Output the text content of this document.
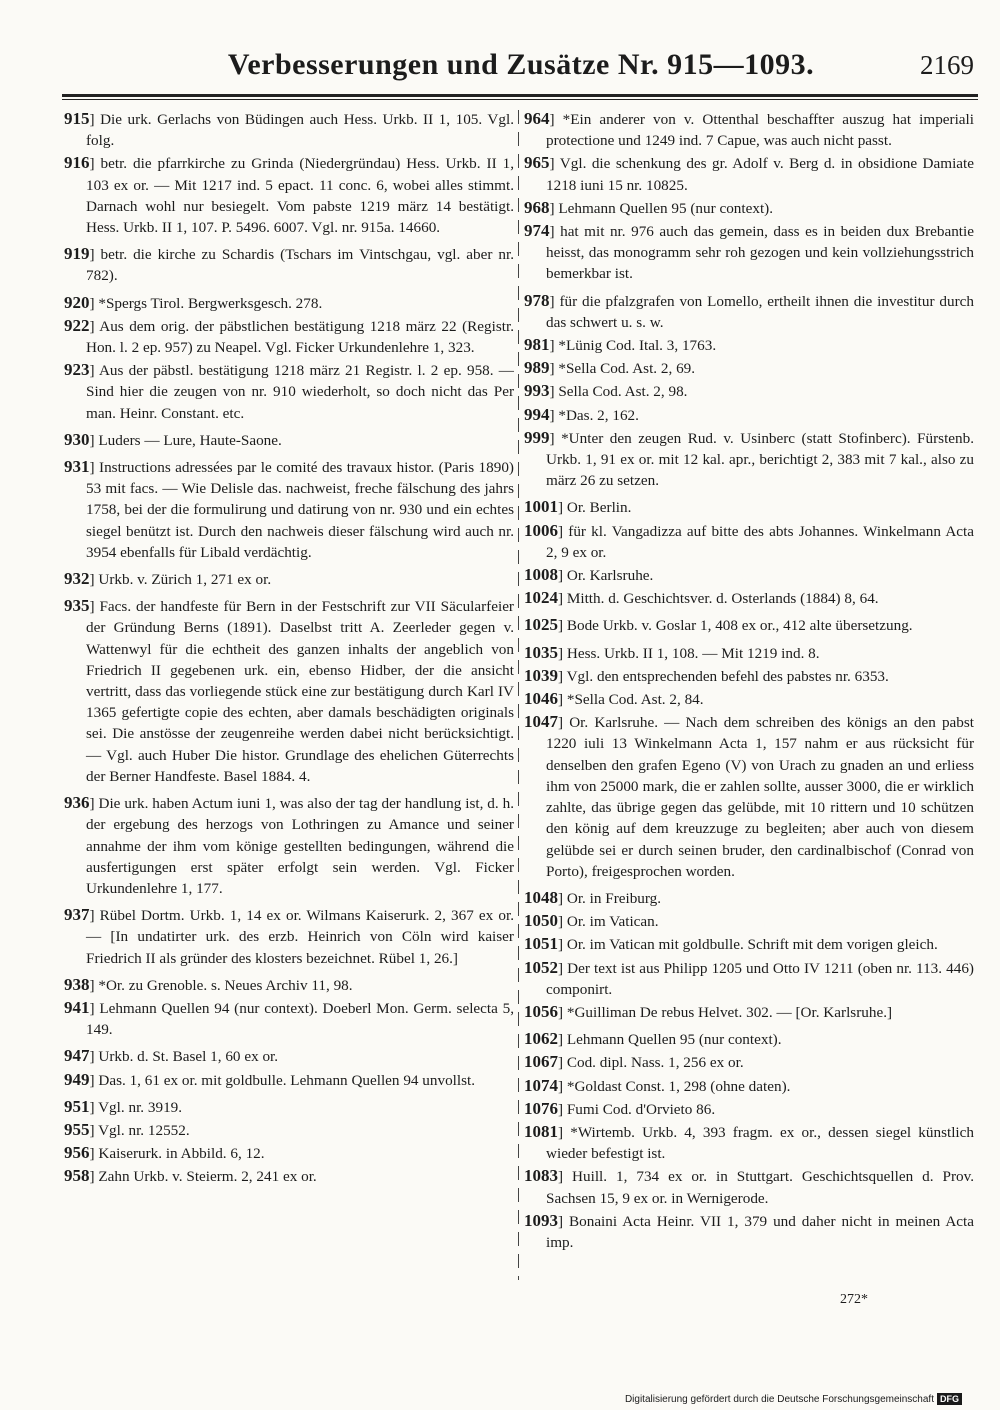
Verbesserungen und Zusätze Nr. 915—1093.	2169
915] Die urk. Gerlachs von Büdingen auch Hess. Urkb. II 1, 105. Vgl. folg.
916] betr. die pfarrkirche zu Grinda (Niedergründau) Hess. Urkb. II 1, 103 ex or. — Mit 1217 ind. 5 epact. 11 conc. 6, wobei alles stimmt. Darnach wohl nur besiegelt. Vom pabste 1219 märz 14 bestätigt. Hess. Urkb. II 1, 107. P. 5496. 6007. Vgl. nr. 915a. 14660.
919] betr. die kirche zu Schardis (Tschars im Vintschgau, vgl. aber nr. 782).
920] *Spergs Tirol. Bergwerksgesch. 278.
922] Aus dem orig. der päbstlichen bestätigung 1218 märz 22 (Registr. Hon. l. 2 ep. 957) zu Neapel. Vgl. Ficker Urkundenlehre 1, 323.
923] Aus der päbstl. bestätigung 1218 märz 21 Registr. l. 2 ep. 958. — Sind hier die zeugen von nr. 910 wiederholt, so doch nicht das Per man. Heinr. Constant. etc.
930] Luders — Lure, Haute-Saone.
931] Instructions adressées par le comité des travaux histor. (Paris 1890) 53 mit facs. — Wie Delisle das. nachweist, freche fälschung des jahrs 1758, bei der die formulirung und datirung von nr. 930 und ein echtes siegel benützt ist. Durch den nachweis dieser fälschung wird auch nr. 3954 ebenfalls für Libald verdächtig.
932] Urkb. v. Zürich 1, 271 ex or.
935] Facs. der handfeste für Bern in der Festschrift zur VII Säcularfeier der Gründung Berns (1891). Daselbst tritt A. Zeerleder gegen v. Wattenwyl für die echtheit des ganzen inhalts der angeblich von Friedrich II gegebenen urk. ein, ebenso Hidber, der die ansicht vertritt, dass das vorliegende stück eine zur bestätigung durch Karl IV 1365 gefertigte copie des echten, aber damals beschädigten originals sei. Die anstösse der zeugenreihe werden dabei nicht berücksichtigt. — Vgl. auch Huber Die histor. Grundlage des ehelichen Güterrechts der Berner Handfeste. Basel 1884. 4.
936] Die urk. haben Actum iuni 1, was also der tag der handlung ist, d. h. der ergebung des herzogs von Lothringen zu Amance und seiner annahme der ihm vom könige gestellten bedingungen, während die ausfertigungen erst später erfolgt sein werden. Vgl. Ficker Urkundenlehre 1, 177.
937] Rübel Dortm. Urkb. 1, 14 ex or. Wilmans Kaiserurk. 2, 367 ex or. — [In undatirter urk. des erzb. Heinrich von Cöln wird kaiser Friedrich II als gründer des klosters bezeichnet. Rübel 1, 26.]
938] *Or. zu Grenoble. s. Neues Archiv 11, 98.
941] Lehmann Quellen 94 (nur context). Doeberl Mon. Germ. selecta 5, 149.
947] Urkb. d. St. Basel 1, 60 ex or.
949] Das. 1, 61 ex or. mit goldbulle. Lehmann Quellen 94 unvollst.
951] Vgl. nr. 3919.
955] Vgl. nr. 12552.
956] Kaiserurk. in Abbild. 6, 12.
958] Zahn Urkb. v. Steierm. 2, 241 ex or.
964] *Ein anderer von v. Ottenthal beschaffter auszug hat imperiali protectione und 1249 ind. 7 Capue, was auch nicht passt.
965] Vgl. die schenkung des gr. Adolf v. Berg d. in obsidione Damiate 1218 iuni 15 nr. 10825.
968] Lehmann Quellen 95 (nur context).
974] hat mit nr. 976 auch das gemein, dass es in beiden dux Brebantie heisst, das monogramm sehr roh gezogen und kein vollziehungsstrich bemerkbar ist.
978] für die pfalzgrafen von Lomello, ertheilt ihnen die investitur durch das schwert u. s. w.
981] *Lünig Cod. Ital. 3, 1763.
989] *Sella Cod. Ast. 2, 69.
993] Sella Cod. Ast. 2, 98.
994] *Das. 2, 162.
999] *Unter den zeugen Rud. v. Usinberc (statt Stofinberc). Fürstenb. Urkb. 1, 91 ex or. mit 12 kal. apr., berichtigt 2, 383 mit 7 kal., also zu märz 26 zu setzen.
1001] Or. Berlin.
1006] für kl. Vangadizza auf bitte des abts Johannes. Winkelmann Acta 2, 9 ex or.
1008] Or. Karlsruhe.
1024] Mitth. d. Geschichtsver. d. Osterlands (1884) 8, 64.
1025] Bode Urkb. v. Goslar 1, 408 ex or., 412 alte übersetzung.
1035] Hess. Urkb. II 1, 108. — Mit 1219 ind. 8.
1039] Vgl. den entsprechenden befehl des pabstes nr. 6353.
1046] *Sella Cod. Ast. 2, 84.
1047] Or. Karlsruhe. — Nach dem schreiben des königs an den pabst 1220 iuli 13 Winkelmann Acta 1, 157 nahm er aus rücksicht für denselben den grafen Egeno (V) von Urach zu gnaden an und erliess ihm von 25000 mark, die er zahlen sollte, ausser 3000, die er wirklich zahlte, das übrige gegen das gelübde, mit 10 rittern und 10 schützen den könig auf dem kreuzzuge zu begleiten; aber auch von diesem gelübde sei er durch seinen bruder, den cardinalbischof (Conrad von Porto), freigesprochen worden.
1048] Or. in Freiburg.
1050] Or. im Vatican.
1051] Or. im Vatican mit goldbulle. Schrift mit dem vorigen gleich.
1052] Der text ist aus Philipp 1205 und Otto IV 1211 (oben nr. 113. 446) componirt.
1056] *Guilliman De rebus Helvet. 302. — [Or. Karlsruhe.]
1062] Lehmann Quellen 95 (nur context).
1067] Cod. dipl. Nass. 1, 256 ex or.
1074] *Goldast Const. 1, 298 (ohne daten).
1076] Fumi Cod. d'Orvieto 86.
1081] *Wirtemb. Urkb. 4, 393 fragm. ex or., dessen siegel künstlich wieder befestigt ist.
1083] Huill. 1, 734 ex or. in Stuttgart. Geschichtsquellen d. Prov. Sachsen 15, 9 ex or. in Wernigerode.
1093] Bonaini Acta Heinr. VII 1, 379 und daher nicht in meinen Acta imp.
272*
Digitalisierung gefördert durch die Deutsche Forschungsgemeinschaft DFG
